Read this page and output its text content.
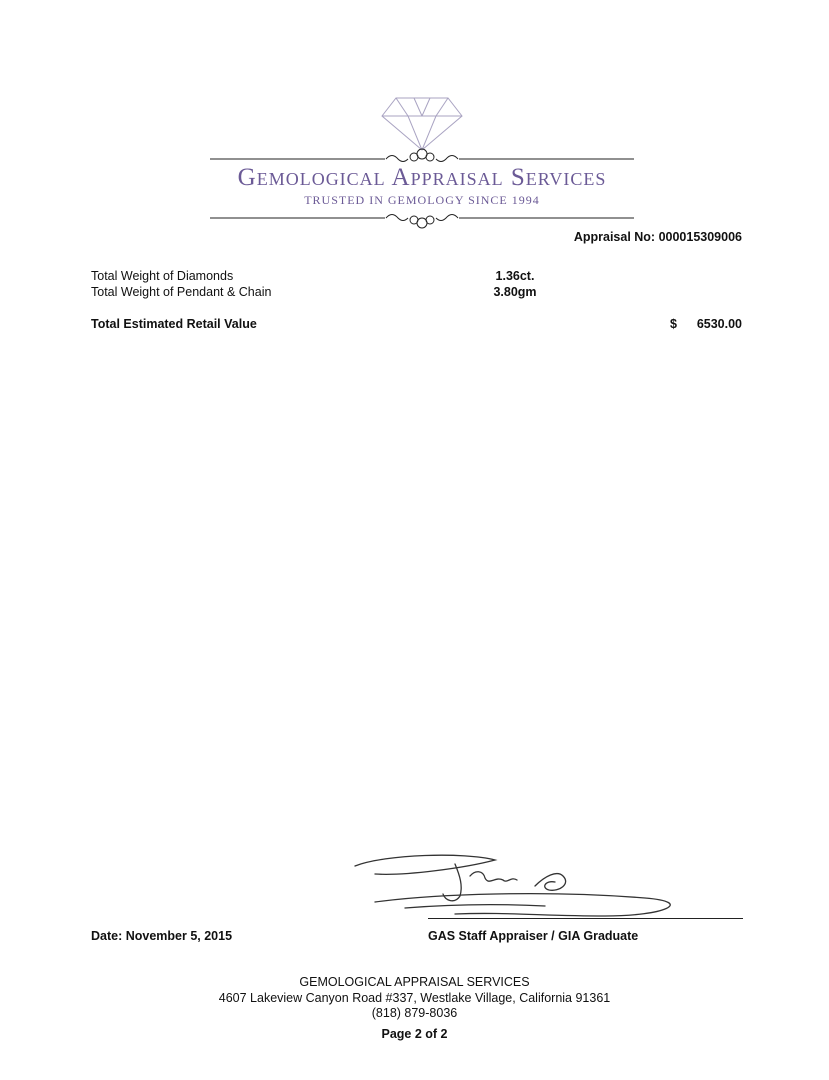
Gemological Appraisal Services
TRUSTED IN GEMOLOGY SINCE 1994
Appraisal No: 000015309006
Total Weight of Diamonds	1.36ct.
Total Weight of Pendant & Chain	3.80gm
Total Estimated Retail Value	$ 6530.00
Date: November 5, 2015	GAS Staff Appraiser / GIA Graduate
GEMOLOGICAL APPRAISAL SERVICES
4607 Lakeview Canyon Road #337, Westlake Village, California 91361
(818) 879-8036
Page 2 of 2
